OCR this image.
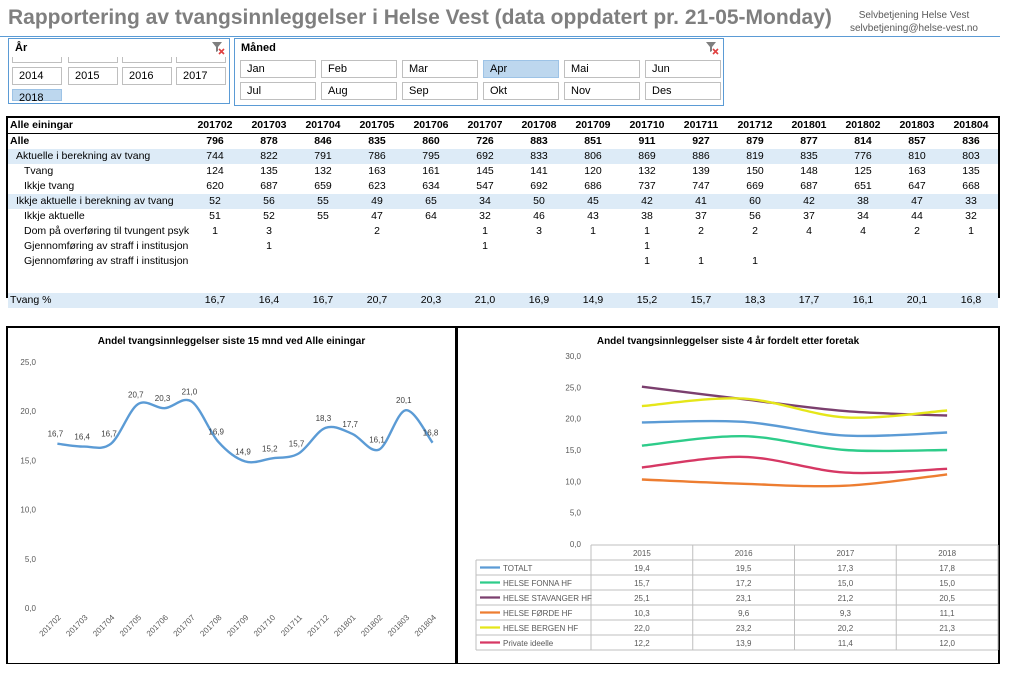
Rapportering av tvangsinnleggelser i Helse Vest (data oppdatert pr. 21-05-Monday)	Selvbetjening Helse Vest
selvbetjening@helse-vest.no
År
2014	2015	2016	2017
2018
Måned
Jan	Feb	Mar	Apr	Mai	Jun
Jul	Aug	Sep	Okt	Nov	Des
Alle einingar	201702	201703	201704	201705	201706	201707	201708	201709	201710	201711	201712	201801	201802	201803	201804
Alle	796	878	846	835	860	726	883	851	911	927	879	877	814	857	836
Aktuelle i berekning av tvang	744	822	791	786	795	692	833	806	869	886	819	835	776	810	803
Tvang	124	135	132	163	161	145	141	120	132	139	150	148	125	163	135
Ikkje tvang	620	687	659	623	634	547	692	686	737	747	669	687	651	647	668
Ikkje aktuelle i berekning av tvang	52	56	55	49	65	34	50	45	42	41	60	42	38	47	33
Ikkje aktuelle	51	52	55	47	64	32	46	43	38	37	56	37	34	44	32
Dom på overføring til tvungent psyk	1	3		2		1	3	1	1	2	2	4	4	2	1
Gjennomføring av straff i institusjon		1				1			1						
Gjennomføring av straff i institusjon									1	1	1				

Tvang %	16,7	16,4	16,7	20,7	20,3	21,0	16,9	14,9	15,2	15,7	18,3	17,7	16,1	20,1	16,8
Andel tvangsinnleggelser siste 15 mnd ved Alle einingar
0,0
5,0
10,0
15,0
20,0
25,0
16,7 16,4 16,7
20,7 20,3
21,0
16,9
14,9 15,2
15,7
18,3
17,7
16,1
20,1
16,8
201702 201703 201704 201705 201706 201707 201708 201709 201710 201711 201712 201801 201802 201803 201804
Andel tvangsinnleggelser siste 4 år fordelt etter foretak
0,0
5,0
10,0
15,0
20,0
25,0
30,0
2015	2016	2017	2018
TOTALT	19,4	19,5	17,3	17,8
HELSE FONNA HF	15,7	17,2	15,0	15,0
HELSE STAVANGER HF	25,1	23,1	21,2	20,5
HELSE FØRDE HF	10,3	9,6	9,3	11,1
HELSE BERGEN HF	22,0	23,2	20,2	21,3
Private ideelle	12,2	13,9	11,4	12,0
